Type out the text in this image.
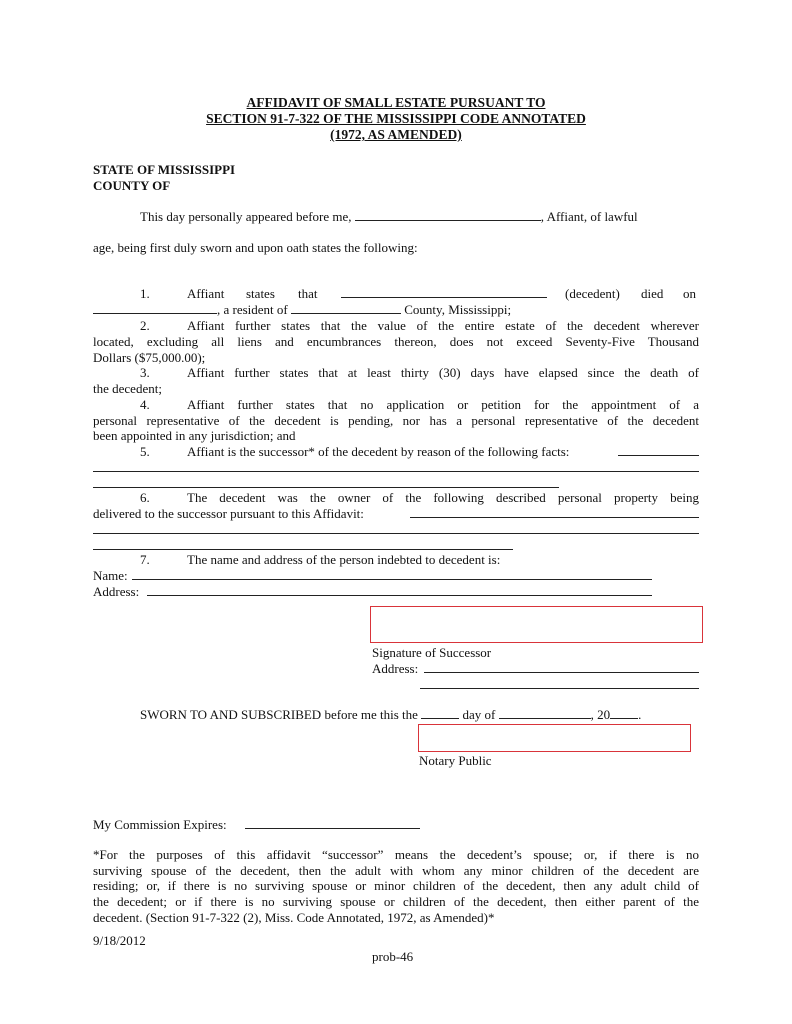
AFFIDAVIT OF SMALL ESTATE PURSUANT TO
SECTION 91-7-322 OF THE MISSISSIPPI CODE ANNOTATED
(1972, AS AMENDED)
STATE OF MISSISSIPPI
COUNTY OF
This day personally appeared before me,	, Affiant, of lawful
age, being first duly sworn and upon oath states the following:
1.	Affiant states that	(decedent) died on
, a resident of	County, Mississippi;
2.	Affiant further states that the value of the entire estate of the decedent wherever
located, excluding all liens and encumbrances thereon, does not exceed Seventy-Five Thousand
Dollars ($75,000.00);
3.	Affiant further states that at least thirty (30) days have elapsed since the death of
the decedent;
4.	Affiant further states that no application or petition for the appointment of a
personal representative of the decedent is pending, nor has a personal representative of the decedent
been appointed in any jurisdiction; and
5.	Affiant is the successor* of the decedent by reason of the following facts:
6.	The decedent was the owner of the following described personal property being
delivered to the successor pursuant to this Affidavit:
7.	The name and address of the person indebted to decedent is:
Name:
Address:
Signature of Successor
Address:
SWORN TO AND SUBSCRIBED before me this the	day of	, 20 .
Notary Public
My Commission Expires:
*For the purposes of this affidavit “successor” means the decedent’s spouse; or, if there is no
surviving spouse of the decedent, then the adult with whom any minor children of the decedent are
residing; or, if there is no surviving spouse or minor children of the decedent, then any adult child of
the decedent; or if there is no surviving spouse or children of the decedent, then either parent of the
decedent. (Section 91-7-322 (2), Miss. Code Annotated, 1972, as Amended)*
9/18/2012
prob-46
